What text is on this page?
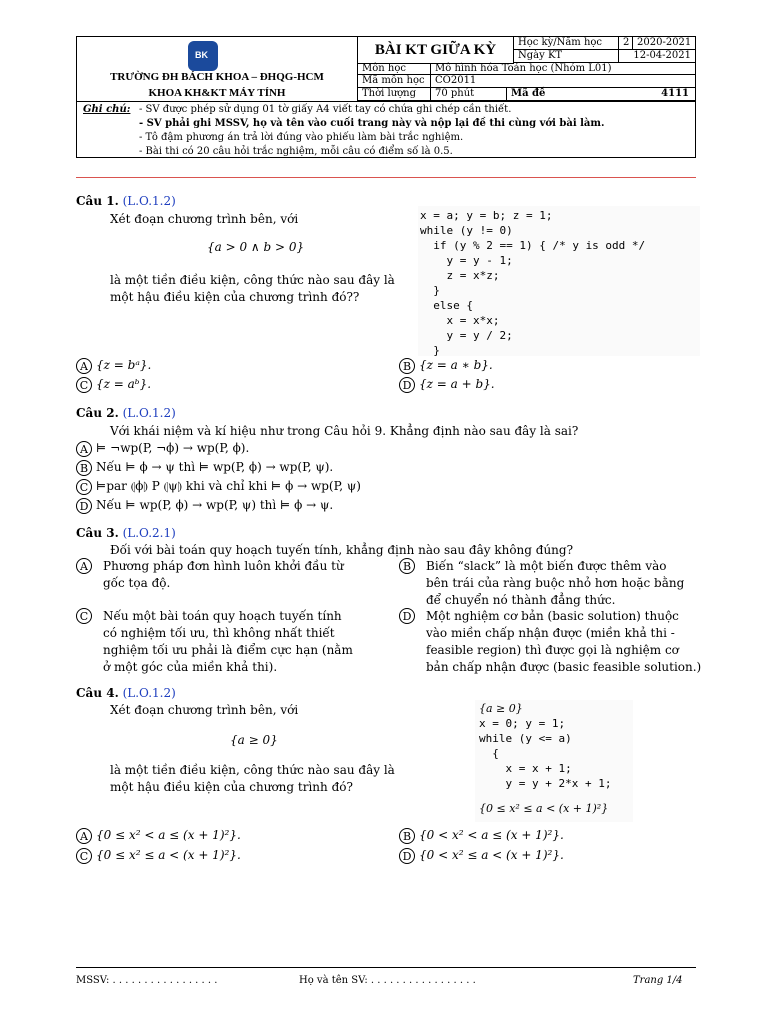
BK
TRƯỜNG ĐH BÁCH KHOA – ĐHQG-HCM
KHOA KH&KT MÁY TÍNH
BÀI KT GIỮA KỲ	Học kỳ/Năm học	2 2020-2021
Ngày KT	12-04-2021
Môn học	Mô hình hóa Toán học (Nhóm L01)
Mã môn học	CO2011
Thời lượng	70 phút	Mã đề	4111
Ghi chú: - SV được phép sử dụng 01 tờ giấy A4 viết tay có chứa ghi chép cần thiết.
- SV phải ghi MSSV, họ và tên vào cuối trang này và nộp lại đề thi cùng với bài làm.
- Tô đậm phương án trả lời đúng vào phiếu làm bài trắc nghiệm.
- Bài thi có 20 câu hỏi trắc nghiệm, mỗi câu có điểm số là 0.5.
Câu 1. (L.O.1.2)
Xét đoạn chương trình bên, với
{a > 0 ∧ b > 0}
là một tiền điều kiện, công thức nào sau đây là
một hậu điều kiện của chương trình đó??
x = a; y = b; z = 1;
while (y != 0)
if (y % 2 == 1) { /* y is odd */
y = y - 1;
z = x*z;
}
else {
x = x*x;
y = y / 2;
}
A {z = bᵃ}.	B {z = a ∗ b}.
C {z = aᵇ}.	D {z = a + b}.
Câu 2. (L.O.1.2)
Với khái niệm và kí hiệu như trong Câu hỏi 9. Khẳng định nào sau đây là sai?
A ⊨ ¬wp(P, ¬ϕ) → wp(P, ϕ).
B Nếu ⊨ ϕ → ψ thì ⊨ wp(P, ϕ) → wp(P, ψ).
C ⊨par ⦇ϕ⦈ P ⦇ψ⦈ khi và chỉ khi ⊨ ϕ → wp(P, ψ)
D Nếu ⊨ wp(P, ϕ) → wp(P, ψ) thì ⊨ ϕ → ψ.
Câu 3. (L.O.2.1)
Đối với bài toán quy hoạch tuyến tính, khẳng định nào sau đây không đúng?
A	Phương pháp đơn hình luôn khởi đầu từ
gốc tọa độ.
B	Biến “slack” là một biến được thêm vào
bên trái của ràng buộc nhỏ hơn hoặc bằng
để chuyển nó thành đẳng thức.
C	Nếu một bài toán quy hoạch tuyến tính
có nghiệm tối ưu, thì không nhất thiết
nghiệm tối ưu phải là điểm cực hạn (nằm
ở một góc của miền khả thi).
D Một nghiệm cơ bản (basic solution) thuộc
vào miền chấp nhận được (miền khả thi -
feasible region) thì được gọi là nghiệm cơ
bản chấp nhận được (basic feasible solution.)
Câu 4. (L.O.1.2)
Xét đoạn chương trình bên, với
{a ≥ 0}
là một tiền điều kiện, công thức nào sau đây là
một hậu điều kiện của chương trình đó?
{a ≥ 0}
x = 0; y = 1;
while (y <= a)
{
x = x + 1;
y = y + 2*x + 1;
{0 ≤ x² ≤ a < (x + 1)²}
A {0 ≤ x² < a ≤ (x + 1)²}.	B {0 < x² < a ≤ (x + 1)²}.
C {0 ≤ x² ≤ a < (x + 1)²}.	D {0 < x² ≤ a < (x + 1)²}.
MSSV: . . . . . . . . . . . . . . . . .	Họ và tên SV: . . . . . . . . . . . . . . . . .	Trang 1/4
